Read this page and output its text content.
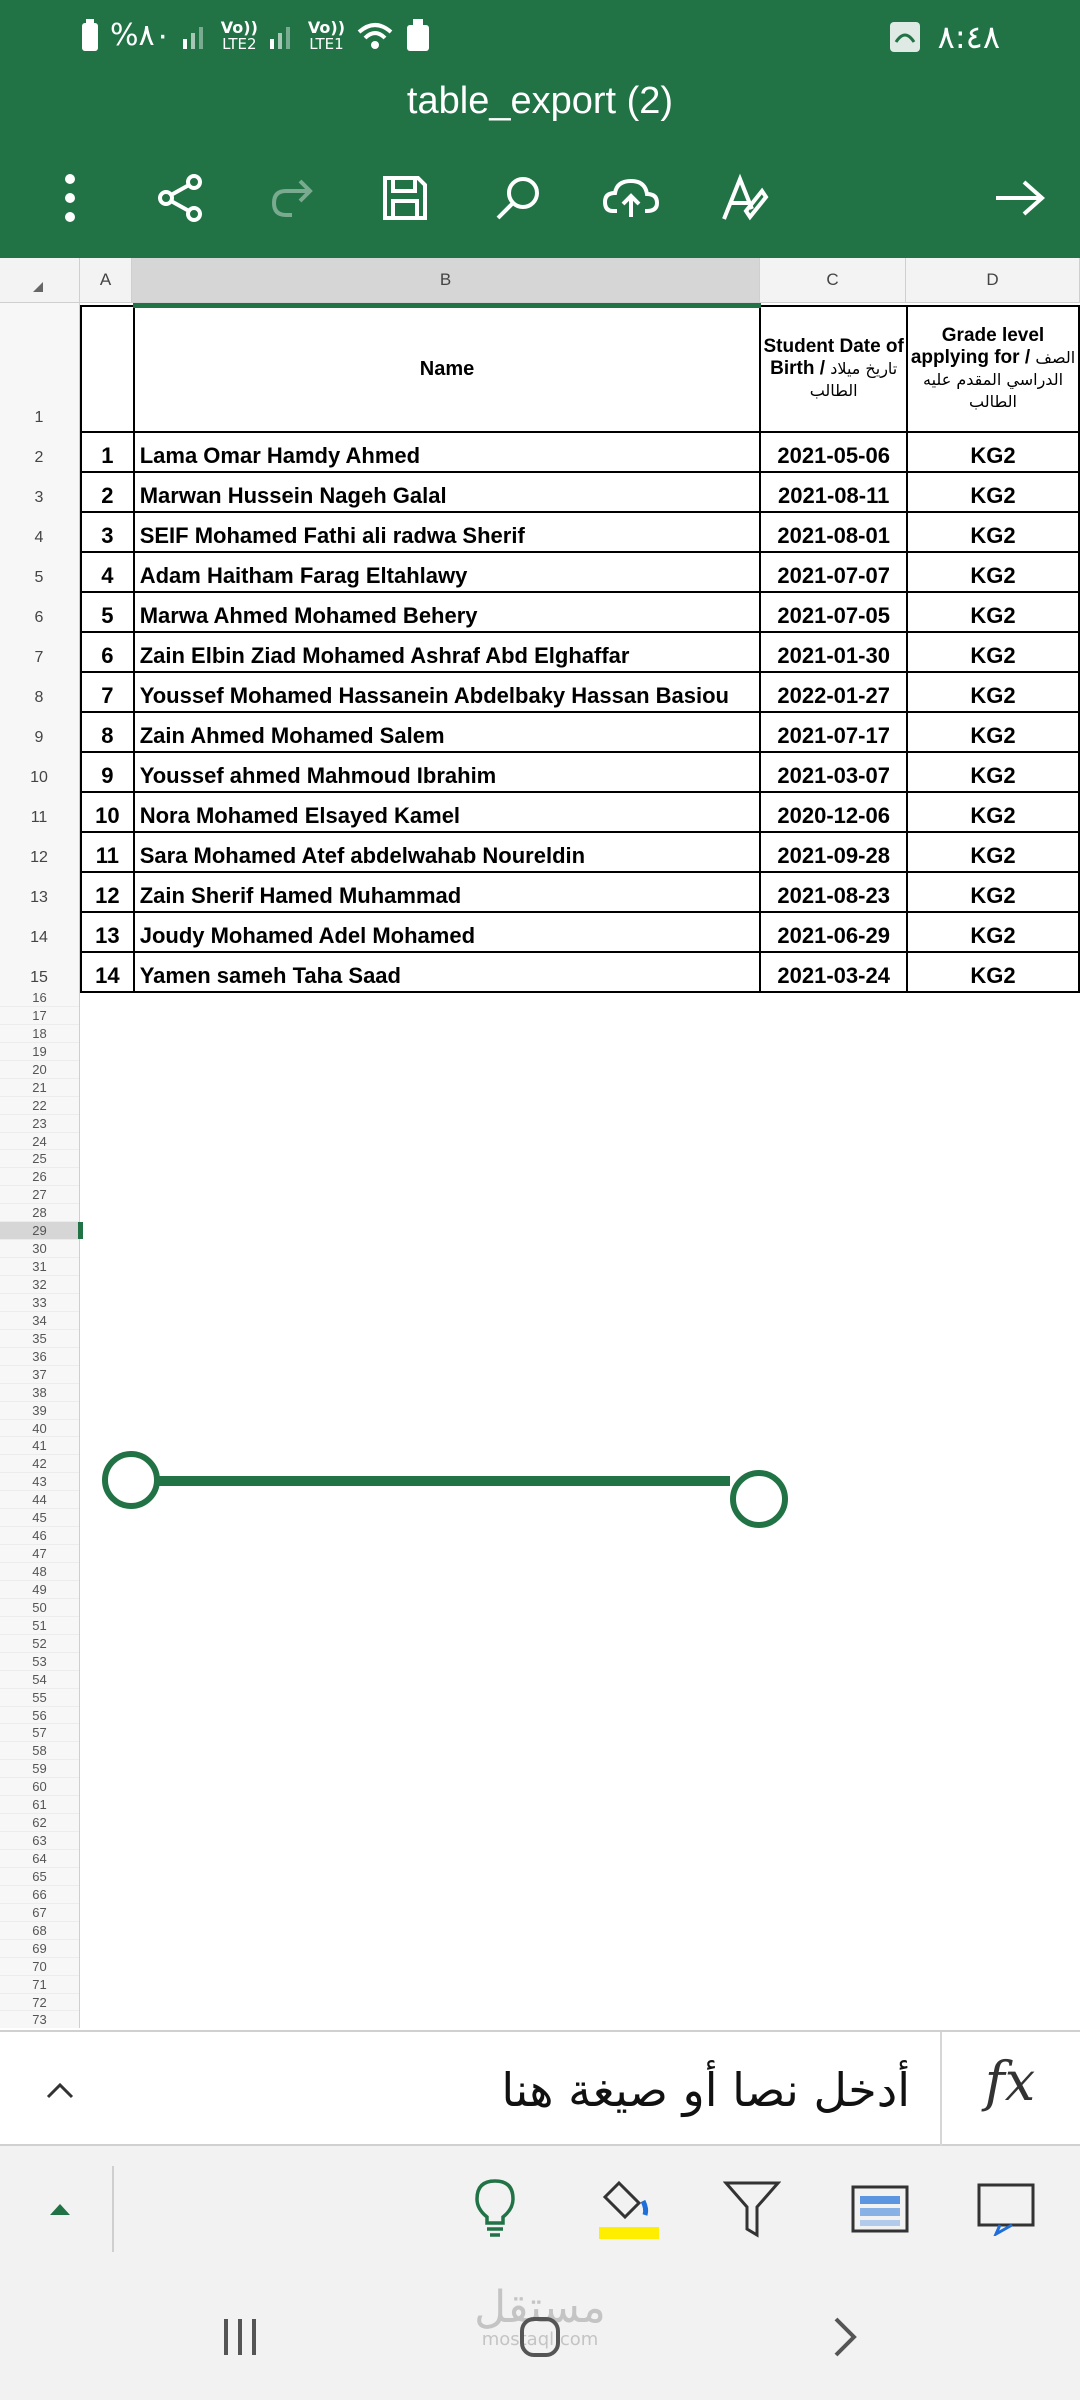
%٨٠	Vo))
LTE2
Vo))
LTE1	٨:٤٨
table_export (2)
A	B	C	D
1
2
3
4
5
6
7
8
9
10
11
12
13
14
15
	Name	Student Date of Birth / تاريخ ميلاد الطالب	Grade level applying for / الصف الدراسي المقدم عليه الطالب
1	Lama Omar Hamdy Ahmed	2021-05-06	KG2
2	Marwan Hussein Nageh Galal	2021-08-11	KG2
3	SEIF Mohamed Fathi ali radwa Sherif	2021-08-01	KG2
4	Adam Haitham Farag Eltahlawy	2021-07-07	KG2
5	Marwa Ahmed Mohamed Behery	2021-07-05	KG2
6	Zain Elbin Ziad Mohamed Ashraf Abd Elghaffar	2021-01-30	KG2
7	Youssef Mohamed Hassanein Abdelbaky Hassan Basiou	2022-01-27	KG2
8	Zain Ahmed Mohamed Salem	2021-07-17	KG2
9	Youssef ahmed Mahmoud Ibrahim	2021-03-07	KG2
10	Nora Mohamed Elsayed Kamel	2020-12-06	KG2
11	Sara Mohamed Atef abdelwahab Noureldin	2021-09-28	KG2
12	Zain Sherif Hamed Muhammad	2021-08-23	KG2
13	Joudy Mohamed Adel Mohamed	2021-06-29	KG2
14	Yamen sameh Taha Saad	2021-03-24	KG2
16
17
18
19
20
21
22
23
24
25
26
27
28
29
30
31
32
33
34
35
36
37
38
39
40
41
42
43
44
45
46
47
48
49
50
51
52
53
54
55
56
57
58
59
60
61
62
63
64
65
66
67
68
69
70
71
72
73
أدخل نصا أو صيغة هنا	fx
مستقل
mostaql.com
